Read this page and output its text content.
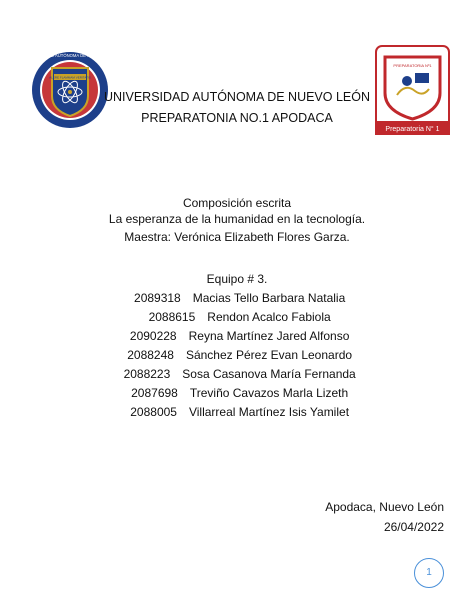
UNIVERSIDAD AUTÓNOMA DE NUEVO LEÓN
ALERE FLAMMAM VERITATIS
PREPARATORIA Nº1
Preparatoria N° 1
UNIVERSIDAD AUTÓNOMA DE NUEVO LEÓN
PREPARATONIA NO.1 APODACA
Composición escrita
La esperanza de la humanidad en la tecnología.
Maestra: Verónica Elizabeth Flores Garza.
Equipo # 3.
2089318 Macias Tello Barbara Natalia
2088615 Rendon Acalco Fabiola
2090228 Reyna Martínez Jared Alfonso
2088248 Sánchez Pérez Evan Leonardo
2088223 Sosa Casanova María Fernanda
2087698 Treviño Cavazos Marla Lizeth
2088005 Villarreal Martínez Isis Yamilet
Apodaca, Nuevo León
26/04/2022
1
